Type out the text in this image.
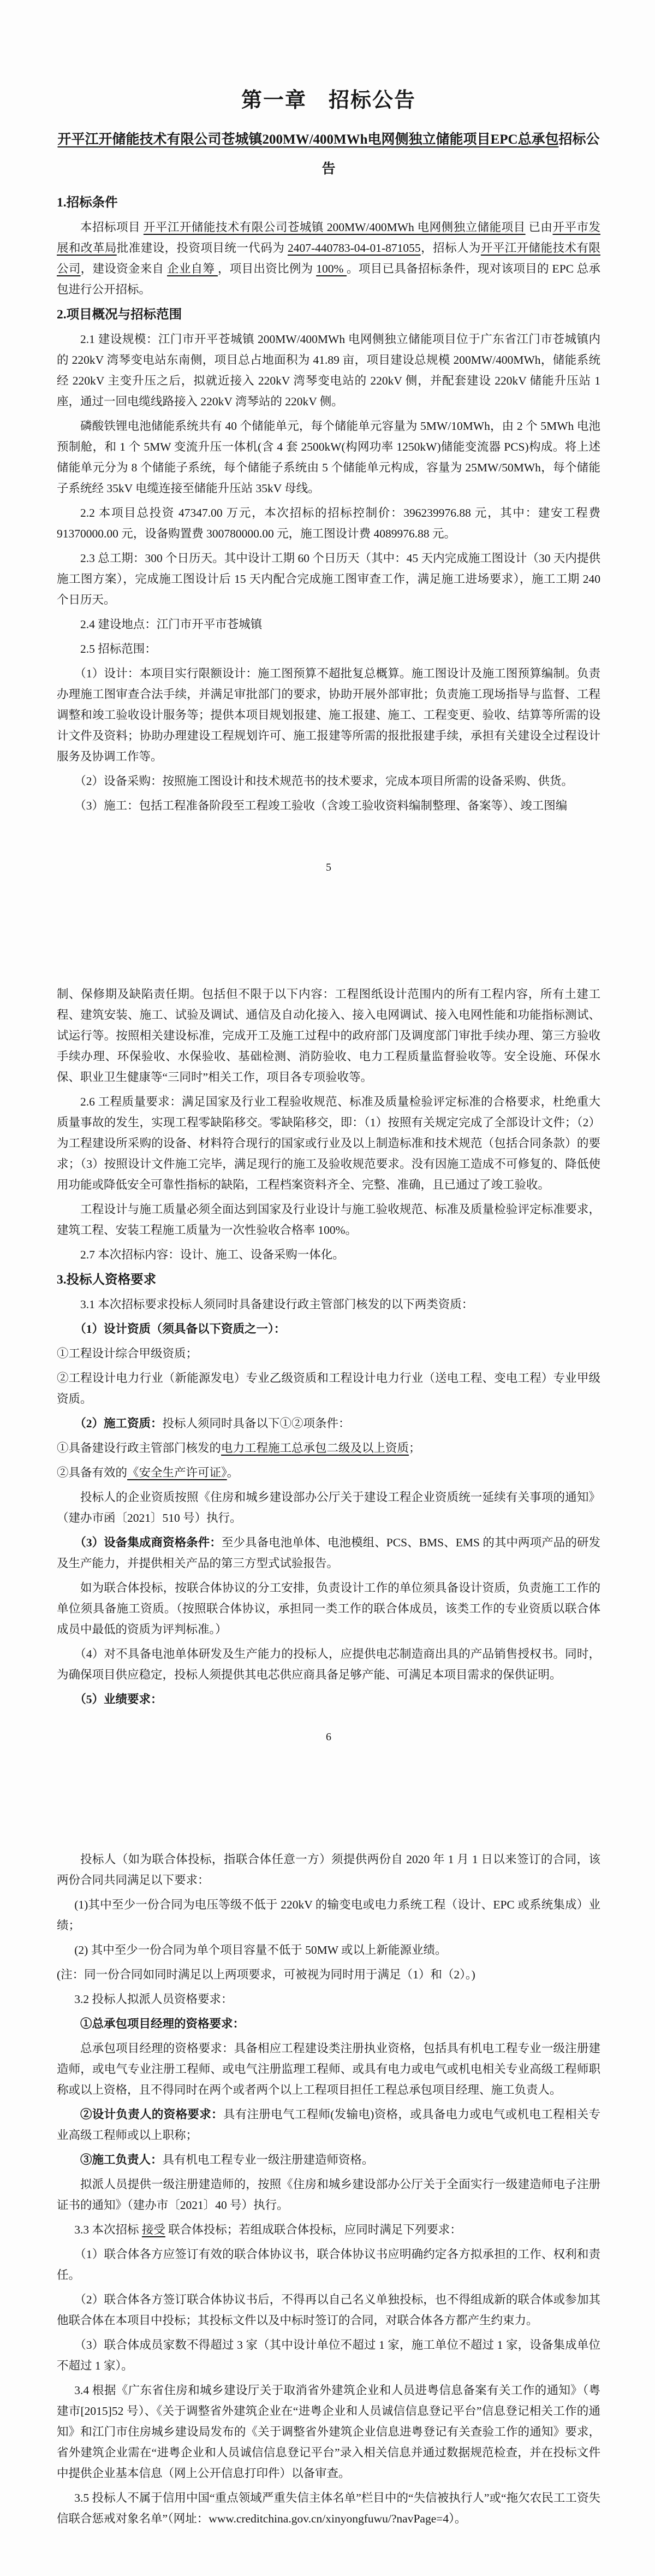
第一章　招标公告

开平江开储能技术有限公司苍城镇200MW/400MWh电网侧独立储能项目EPC总承包招标公告

1.招标条件

本招标项目 开平江开储能技术有限公司苍城镇 200MW/400MWh 电网侧独立储能项目 已由开平市发展和改革局批准建设，投资项目统一代码为 2407-440783-04-01-871055，招标人为开平江开储能技术有限公司，建设资金来自 企业自筹 ，项目出资比例为 100% 。项目已具备招标条件，现对该项目的 EPC 总承包进行公开招标。

2.项目概况与招标范围

2.1 建设规模：江门市开平苍城镇 200MW/400MWh 电网侧独立储能项目位于广东省江门市苍城镇内的 220kV 湾琴变电站东南侧，项目总占地面积为 41.89 亩，项目建设总规模 200MW/400MWh，储能系统经 220kV 主变升压之后，拟就近接入 220kV 湾琴变电站的 220kV 侧，并配套建设 220kV 储能升压站 1 座，通过一回电缆线路接入 220kV 湾琴站的 220kV 侧。

磷酸铁锂电池储能系统共有 40 个储能单元，每个储能单元容量为 5MW/10MWh，由 2 个 5MWh 电池预制舱，和 1 个 5MW 变流升压一体机(含 4 套 2500kW(构网功率 1250kW)储能变流器 PCS)构成。将上述储能单元分为 8 个储能子系统，每个储能子系统由 5 个储能单元构成，容量为 25MW/50MWh，每个储能子系统经 35kV 电缆连接至储能升压站 35kV 母线。

2.2 本项目总投资 47347.00 万元，本次招标的招标控制价：396239976.88 元，其中：建安工程费 91370000.00 元，设备购置费 300780000.00 元，施工图设计费 4089976.88 元。

2.3 总工期：300 个日历天。其中设计工期 60 个日历天（其中：45 天内完成施工图设计（30 天内提供施工图方案），完成施工图设计后 15 天内配合完成施工图审查工作，满足施工进场要求），施工工期 240 个日历天。

2.4 建设地点：江门市开平市苍城镇

2.5 招标范围：

（1）设计：本项目实行限额设计：施工图预算不超批复总概算。施工图设计及施工图预算编制。负责办理施工图审查合法手续，并满足审批部门的要求，协助开展外部审批；负责施工现场指导与监督、工程调整和竣工验收设计服务等；提供本项目规划报建、施工报建、施工、工程变更、验收、结算等所需的设计文件及资料；协助办理建设工程规划许可、施工报建等所需的报批报建手续，承担有关建设全过程设计服务及协调工作等。

（2）设备采购：按照施工图设计和技术规范书的技术要求，完成本项目所需的设备采购、供货。

（3）施工：包括工程准备阶段至工程竣工验收（含竣工验收资料编制整理、备案等）、竣工图编

5

制、保修期及缺陷责任期。包括但不限于以下内容：工程图纸设计范围内的所有工程内容，所有土建工程、建筑安装、施工、试验及调试、通信及自动化接入、接入电网调试、接入电网性能和功能指标测试、试运行等。按照相关建设标准，完成开工及施工过程中的政府部门及调度部门审批手续办理、第三方验收手续办理、环保验收、水保验收、基础检测、消防验收、电力工程质量监督验收等。安全设施、环保水保、职业卫生健康等“三同时”相关工作，项目各专项验收等。

2.6 工程质量要求：满足国家及行业工程验收规范、标准及质量检验评定标准的合格要求，杜绝重大质量事故的发生，实现工程零缺陷移交。零缺陷移交，即：（1）按照有关规定完成了全部设计文件；（2）为工程建设所采购的设备、材料符合现行的国家或行业及以上制造标准和技术规范（包括合同条款）的要求；（3）按照设计文件施工完毕，满足现行的施工及验收规范要求。没有因施工造成不可修复的、降低使用功能或降低安全可靠性指标的缺陷，工程档案资料齐全、完整、准确，且已通过了竣工验收。

工程设计与施工质量必须全面达到国家及行业设计与施工验收规范、标准及质量检验评定标准要求，建筑工程、安装工程施工质量为一次性验收合格率 100%。

2.7 本次招标内容：设计、施工、设备采购一体化。

3.投标人资格要求

3.1 本次招标要求投标人须同时具备建设行政主管部门核发的以下两类资质：

（1）设计资质（须具备以下资质之一）：

①工程设计综合甲级资质；

②工程设计电力行业（新能源发电）专业乙级资质和工程设计电力行业（送电工程、变电工程）专业甲级资质。

（2）施工资质：投标人须同时具备以下①②项条件：

①具备建设行政主管部门核发的电力工程施工总承包二级及以上资质；

②具备有效的《安全生产许可证》。

投标人的企业资质按照《住房和城乡建设部办公厅关于建设工程企业资质统一延续有关事项的通知》（建办市函〔2021〕510 号）执行。

（3）设备集成商资格条件：至少具备电池单体、电池模组、PCS、BMS、EMS 的其中两项产品的研发及生产能力，并提供相关产品的第三方型式试验报告。

如为联合体投标，按联合体协议的分工安排，负责设计工作的单位须具备设计资质，负责施工工作的单位须具备施工资质。（按照联合体协议，承担同一类工作的联合体成员，该类工作的专业资质以联合体成员中最低的资质为评判标准。）

（4）对不具备电池单体研发及生产能力的投标人，应提供电芯制造商出具的产品销售授权书。同时，为确保项目供应稳定，投标人须提供其电芯供应商具备足够产能、可满足本项目需求的保供证明。

（5）业绩要求：

6

投标人（如为联合体投标，指联合体任意一方）须提供两份自 2020 年 1 月 1 日以来签订的合同，该两份合同共同满足以下要求：

(1)其中至少一份合同为电压等级不低于 220kV 的输变电或电力系统工程（设计、EPC 或系统集成）业绩；

(2) 其中至少一份合同为单个项目容量不低于 50MW 或以上新能源业绩。

(注：同一份合同如同时满足以上两项要求，可被视为同时用于满足（1）和（2）。)

3.2 投标人拟派人员资格要求：

①总承包项目经理的资格要求：

总承包项目经理的资格要求：具备相应工程建设类注册执业资格，包括具有机电工程专业一级注册建造师，或电气专业注册工程师、或电气注册监理工程师、或具有电力或电气或机电相关专业高级工程师职称或以上资格，且不得同时在两个或者两个以上工程项目担任工程总承包项目经理、施工负责人。

②设计负责人的资格要求：具有注册电气工程师(发输电)资格，或具备电力或电气或机电工程相关专业高级工程师或以上职称；

③施工负责人：具有机电工程专业一级注册建造师资格。

拟派人员提供一级注册建造师的，按照《住房和城乡建设部办公厅关于全面实行一级建造师电子注册证书的通知》（建办市〔2021〕40 号）执行。

3.3 本次招标 接受 联合体投标；若组成联合体投标，应同时满足下列要求：

（1）联合体各方应签订有效的联合体协议书，联合体协议书应明确约定各方拟承担的工作、权利和责任。

（2）联合体各方签订联合体协议书后，不得再以自己名义单独投标，也不得组成新的联合体或参加其他联合体在本项目中投标；其投标文件以及中标时签订的合同，对联合体各方都产生约束力。

（3）联合体成员家数不得超过 3 家（其中设计单位不超过 1 家，施工单位不超过 1 家，设备集成单位不超过 1 家）。

3.4 根据《广东省住房和城乡建设厅关于取消省外建筑企业和人员进粤信息备案有关工作的通知》（粤建市[2015]52 号）、《关于调整省外建筑企业在“进粤企业和人员诚信信息登记平台”信息登记相关工作的通知》和江门市住房城乡建设局发布的《关于调整省外建筑企业信息进粤登记有关查验工作的通知》要求，省外建筑企业需在“进粤企业和人员诚信信息登记平台”录入相关信息并通过数据规范检查，并在投标文件中提供企业基本信息（网上公开信息打印件）以备审查。

3.5 投标人不属于信用中国“重点领域严重失信主体名单”栏目中的“失信被执行人”或“拖欠农民工工资失信联合惩戒对象名单”（网址：www.creditchina.gov.cn/xinyongfuwu/?navPage=4）。
